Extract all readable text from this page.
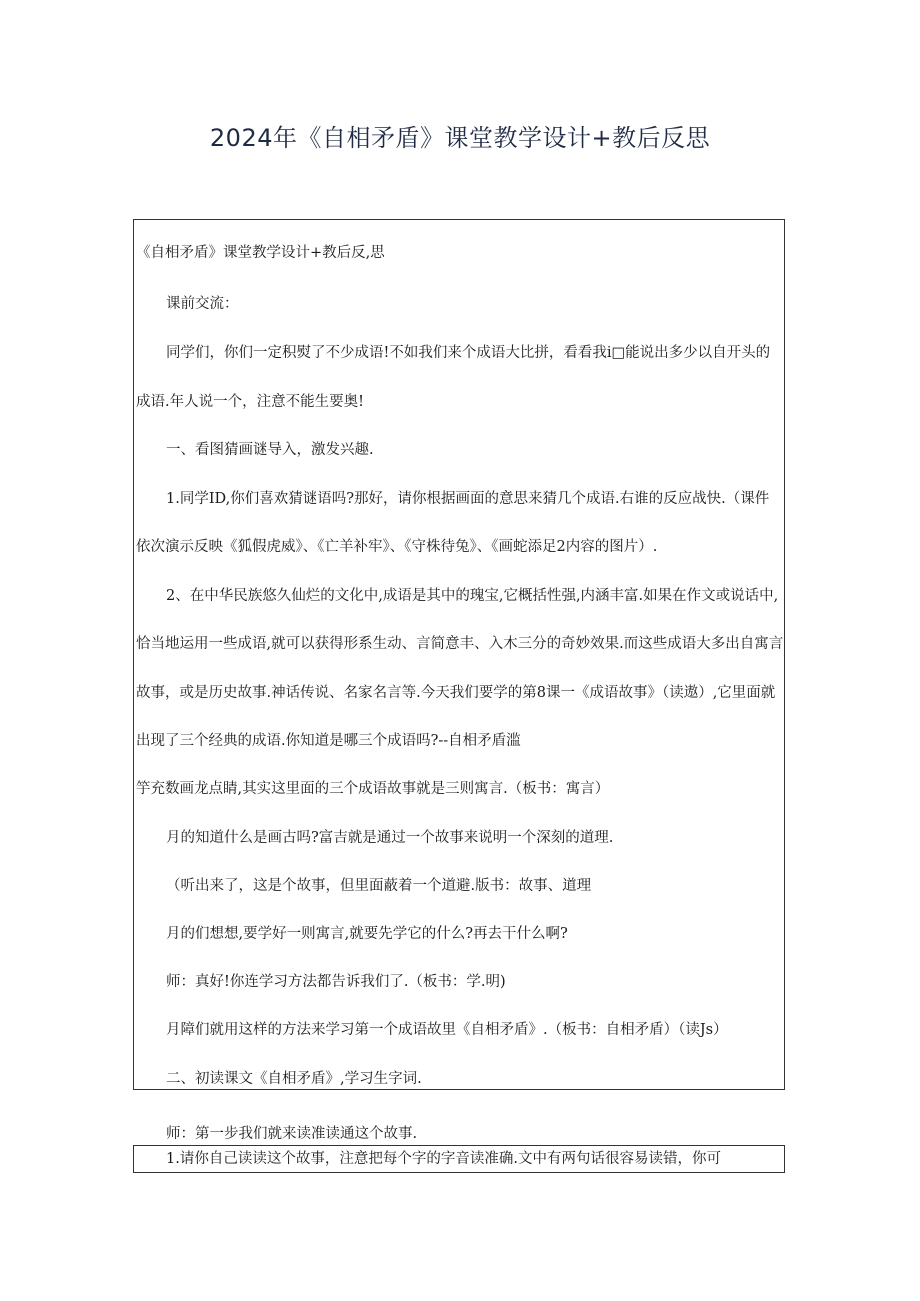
2024年《自相矛盾》课堂教学设计+教后反思
《自相矛盾》课堂教学设计+教后反,思
课前交流：
同学们，你们一定积熨了不少成语!不如我们来个成语大比拼，看看我i□能说出多少以自开头的
成语.年人说一个，注意不能生要奥!
一、看图猜画谜导入，激发兴趣.
1.同学ID,你们喜欢猜谜语吗?那好，请你根据画面的意思来猜几个成语.右谁的反应战快.（课件
依次演示反映《狐假虎威》、《亡羊补牢》、《守株待兔》、《画蛇添足2内容的图片）.
2、在中华民族悠久仙烂的文化中,成语是其中的瑰宝,它概括性强,内涵丰富.如果在作文或说话中,
恰当地运用一些成语,就可以获得形系生动、言简意丰、入木三分的奇妙效果.而这些成语大多出自寓言
故事，或是历史故事.神话传说、名家名言等.今天我们要学的第8课一《成语故事》（读遨）,它里面就
出现了三个经典的成语.你知道是哪三个成语吗?--自相矛盾滥
竽充数画龙点睛,其实这里面的三个成语故事就是三则寓言.（板书：寓言）
月的知道什么是画古吗?富吉就是通过一个故事来说明一个深刻的道理.
（听出来了，这是个故事，但里面蔽着一个道避.版书：故事、道理
月的们想想,要学好一则寓言,就要先学它的什么?再去干什么啊?
师：真好!你连学习方法都告诉我们了.（板书：学.明)
月障们就用这样的方法来学习第一个成语故里《自相矛盾》.（板书：自相矛盾）（读Js）
二、初读课文《自相矛盾》,学习生字词.
师：第一步我们就来读准读通这个故事.
1.请你自己读读这个故事，注意把每个字的字音读准确.文中有两句话很容易读错，你可
